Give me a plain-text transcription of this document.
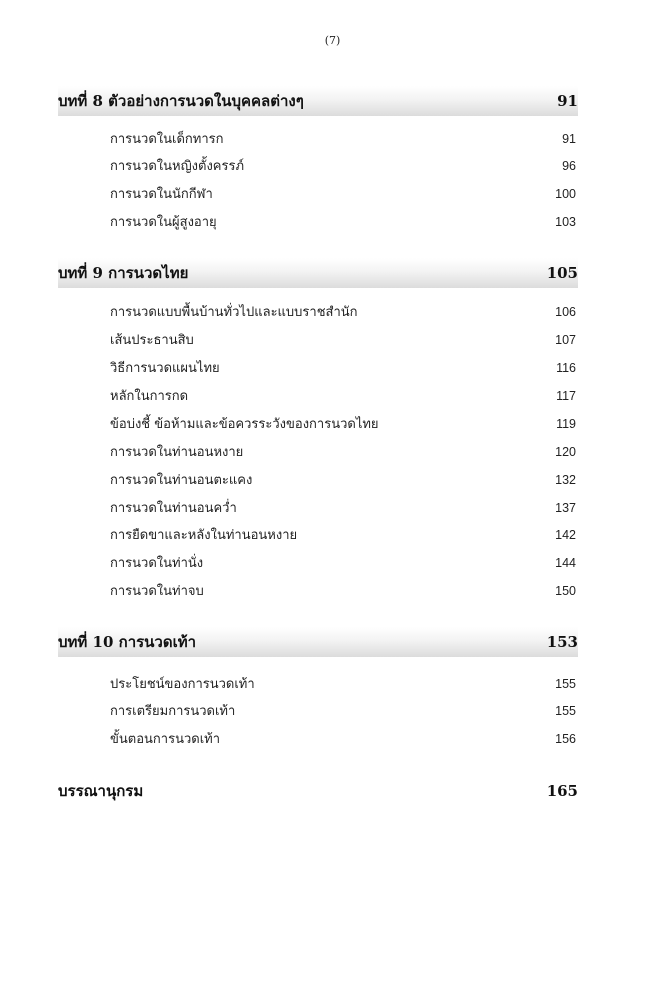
(7)
บทที่ 8 ตัวอย่างการนวดในบุคคลต่างๆ	91
การนวดในเด็กทารก	91
การนวดในหญิงตั้งครรภ์	96
การนวดในนักกีฬา	100
การนวดในผู้สูงอายุ	103
บทที่ 9 การนวดไทย	105
การนวดแบบพื้นบ้านทั่วไปและแบบราชสำนัก	106
เส้นประธานสิบ	107
วิธีการนวดแผนไทย	116
หลักในการกด	117
ข้อบ่งชี้ ข้อห้ามและข้อควรระวังของการนวดไทย	119
การนวดในท่านอนหงาย	120
การนวดในท่านอนตะแคง	132
การนวดในท่านอนคว่ำ	137
การยืดขาและหลังในท่านอนหงาย	142
การนวดในท่านั่ง	144
การนวดในท่าจบ	150
บทที่ 10 การนวดเท้า	153
ประโยชน์ของการนวดเท้า	155
การเตรียมการนวดเท้า	155
ขั้นตอนการนวดเท้า	156
บรรณานุกรม	165
